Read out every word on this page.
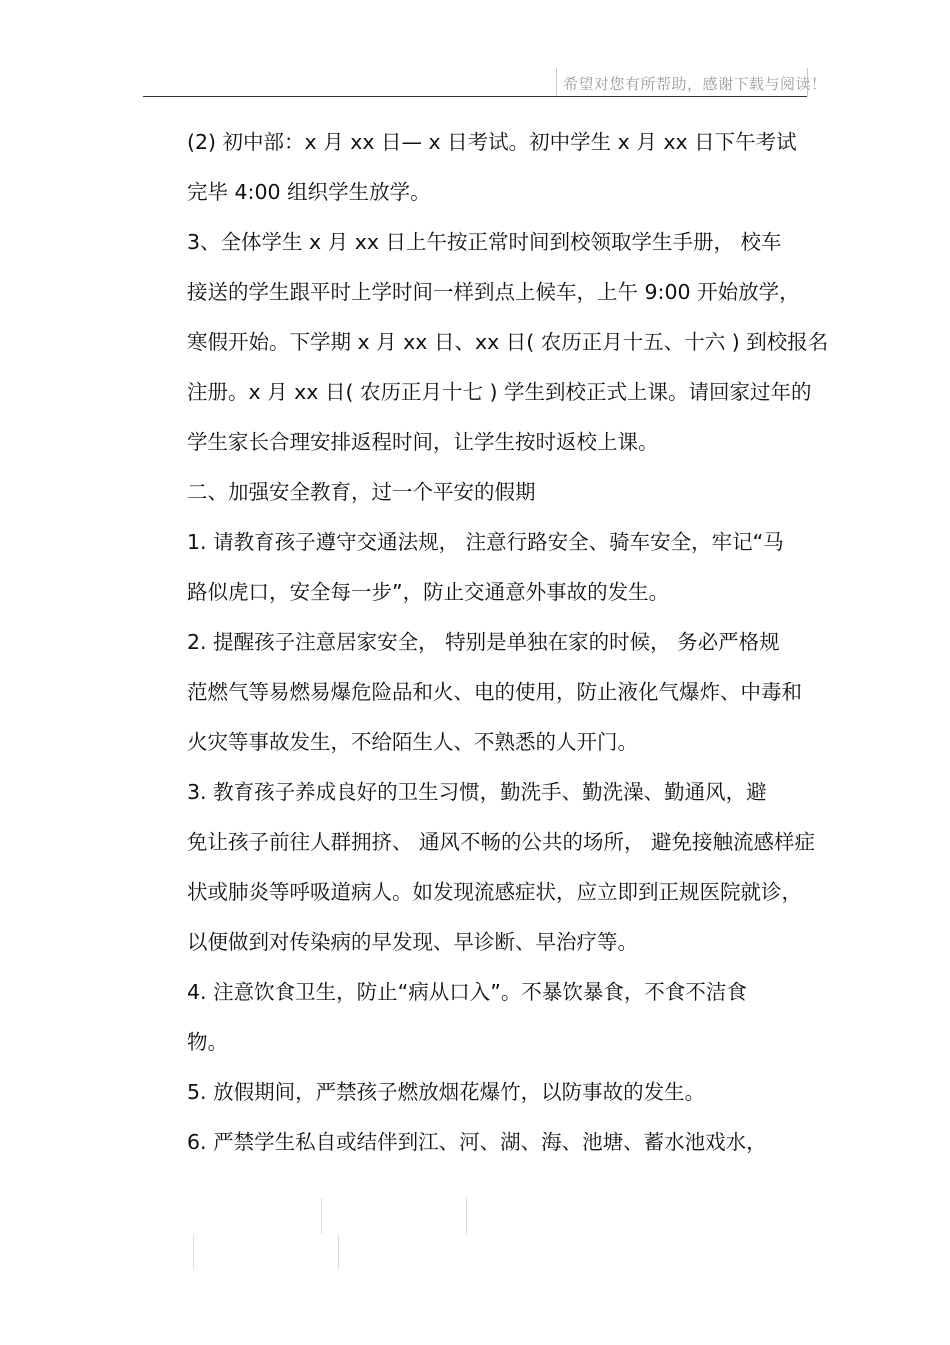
希望对您有所帮助，感谢下载与阅读！

(2) 初中部：x 月 xx 日— x 日考试。初中学生 x 月 xx 日下午考试
完毕 4:00 组织学生放学。

3、全体学生 x 月 xx 日上午按正常时间到校领取学生手册， 校车
接送的学生跟平时上学时间一样到点上候车，上午 9:00 开始放学，
寒假开始。下学期 x 月 xx 日、xx 日( 农历正月十五、十六 ) 到校报名
注册。x 月 xx 日( 农历正月十七 ) 学生到校正式上课。请回家过年的
学生家长合理安排返程时间，让学生按时返校上课。

二、加强安全教育，过一个平安的假期

1. 请教育孩子遵守交通法规， 注意行路安全、骑车安全，牢记“马
路似虎口，安全每一步”，防止交通意外事故的发生。

2. 提醒孩子注意居家安全， 特别是单独在家的时候， 务必严格规
范燃气等易燃易爆危险品和火、电的使用，防止液化气爆炸、中毒和
火灾等事故发生，不给陌生人、不熟悉的人开门。

3. 教育孩子养成良好的卫生习惯，勤洗手、勤洗澡、勤通风，避
免让孩子前往人群拥挤、 通风不畅的公共的场所， 避免接触流感样症
状或肺炎等呼吸道病人。如发现流感症状，应立即到正规医院就诊，
以便做到对传染病的早发现、早诊断、早治疗等。

4. 注意饮食卫生，防止“病从口入”。不暴饮暴食，不食不洁食
物。

5. 放假期间，严禁孩子燃放烟花爆竹，以防事故的发生。

6. 严禁学生私自或结伴到江、河、湖、海、池塘、蓄水池戏水，
